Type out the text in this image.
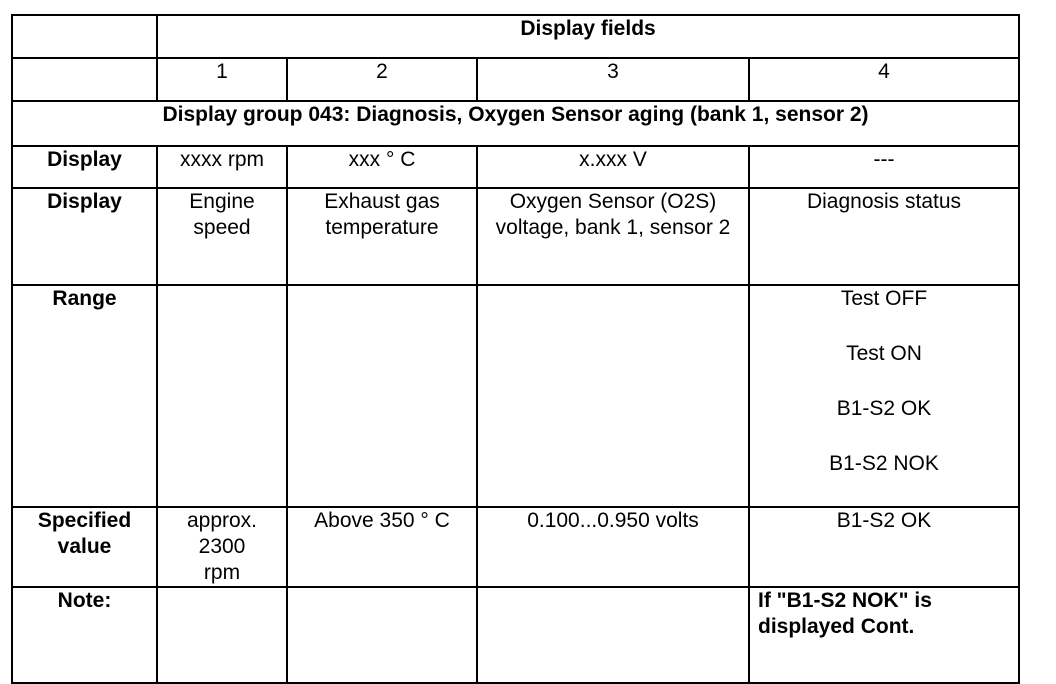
	Display fields			
	1	2	3	4
Display group 043: Diagnosis, Oxygen Sensor aging (bank 1, sensor 2)				
Display	xxxx rpm	xxx ° C	x.xxx V	---
Display	Engine speed	Exhaust gas temperature	Oxygen Sensor (O2S) voltage, bank 1, sensor 2	Diagnosis status
Range				Test OFF
Test ON
B1-S2 OK
B1-S2 NOK

Specified value	approx. 2300 rpm	Above 350 ° C	0.100...0.950 volts	B1-S2 OK
Note:				If "B1-S2 NOK" is displayed Cont.
